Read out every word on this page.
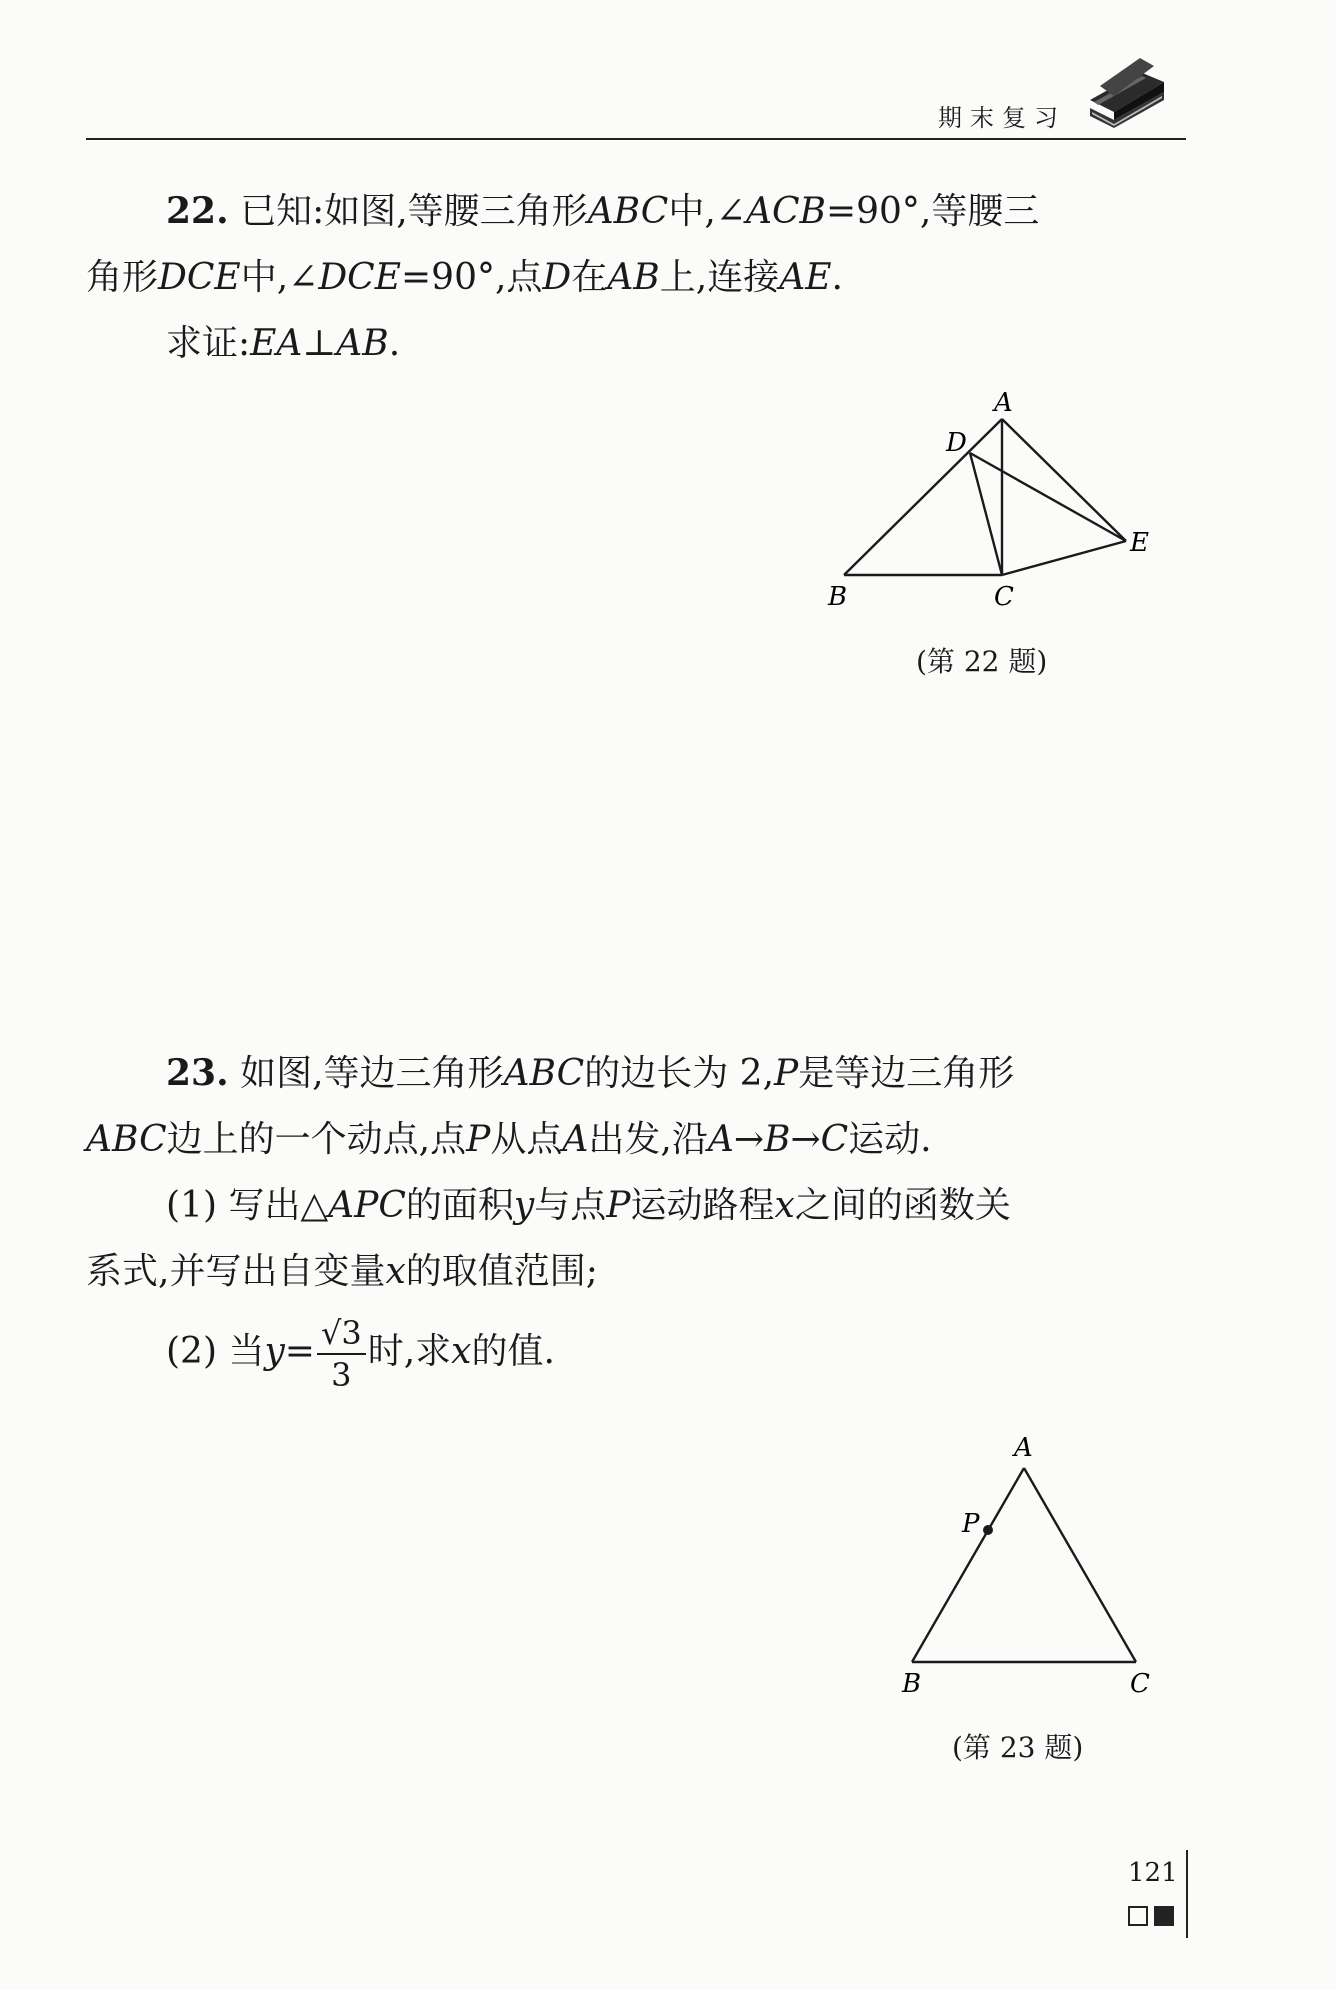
期末复习
22. 已知:如图,等腰三角形ABC中,∠ACB=90°,等腰三
角形DCE中,∠DCE=90°,点D在AB上,连接AE.
求证:EA⊥AB.
A
D
E
B	C
(第 22 题)
23. 如图,等边三角形ABC的边长为 2,P是等边三角形
ABC边上的一个动点,点P从点A出发,沿A→B→C运动.
(1) 写出△APC的面积y与点P运动路程x之间的函数关
系式,并写出自变量x的取值范围;
(2) 当$y= \frac{√3}{3}$ 时,求x的值.
A
P
B	C
(第 23 题)
121
